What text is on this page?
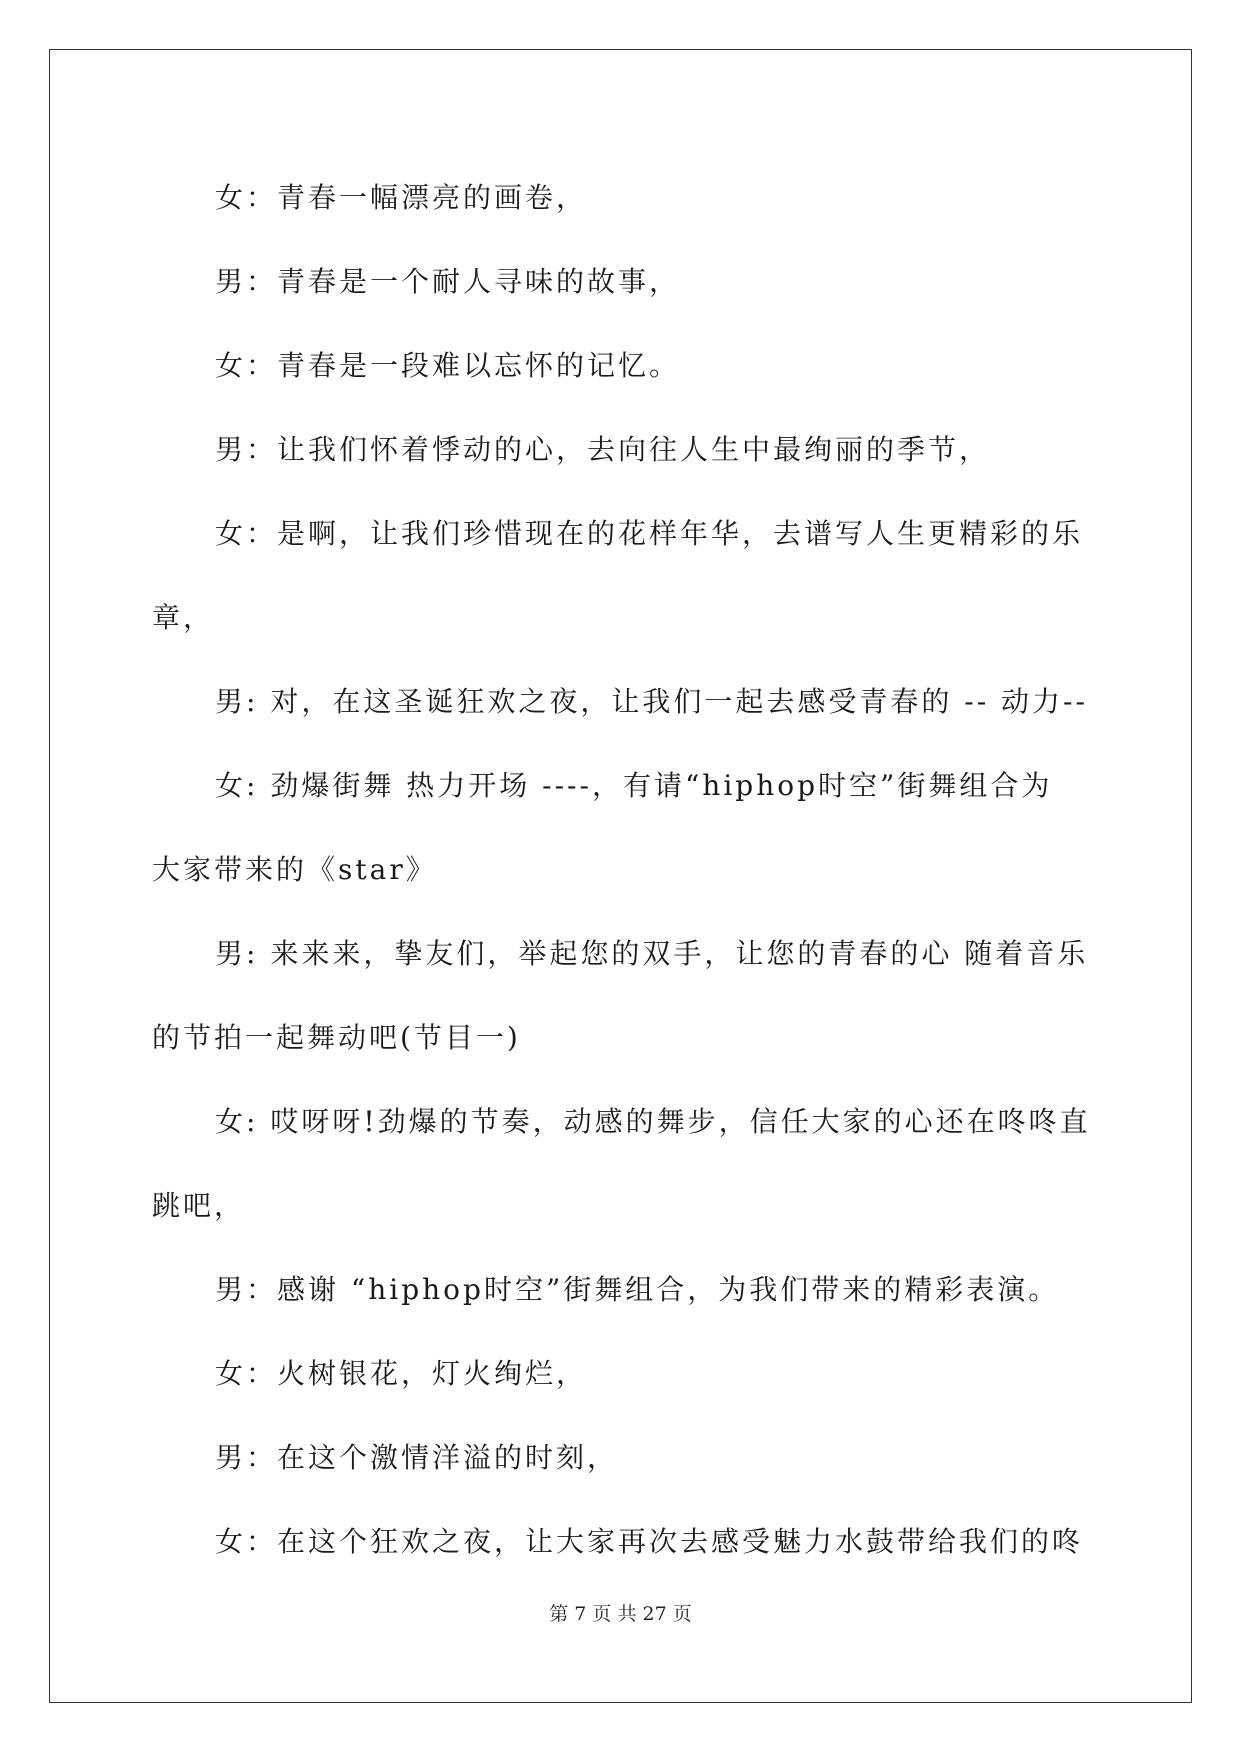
女：青春一幅漂亮的画卷，
男：青春是一个耐人寻味的故事，
女：青春是一段难以忘怀的记忆。
男：让我们怀着悸动的心，去向往人生中最绚丽的季节，
女：是啊，让我们珍惜现在的花样年华，去谱写人生更精彩的乐
章，
男: 对，在这圣诞狂欢之夜，让我们一起去感受青春的 -- 动力--
女: 劲爆街舞 热力开场 ----，有请“hiphop时空”街舞组合为
大家带来的《star》
男: 来来来，挚友们，举起您的双手，让您的青春的心 随着音乐
的节拍一起舞动吧(节目一)
女: 哎呀呀!劲爆的节奏，动感的舞步，信任大家的心还在咚咚直
跳吧，
男：感谢 “hiphop时空”街舞组合，为我们带来的精彩表演。
女：火树银花，灯火绚烂，
男：在这个激情洋溢的时刻，
女：在这个狂欢之夜，让大家再次去感受魅力水鼓带给我们的咚
第 7 页 共 27 页
